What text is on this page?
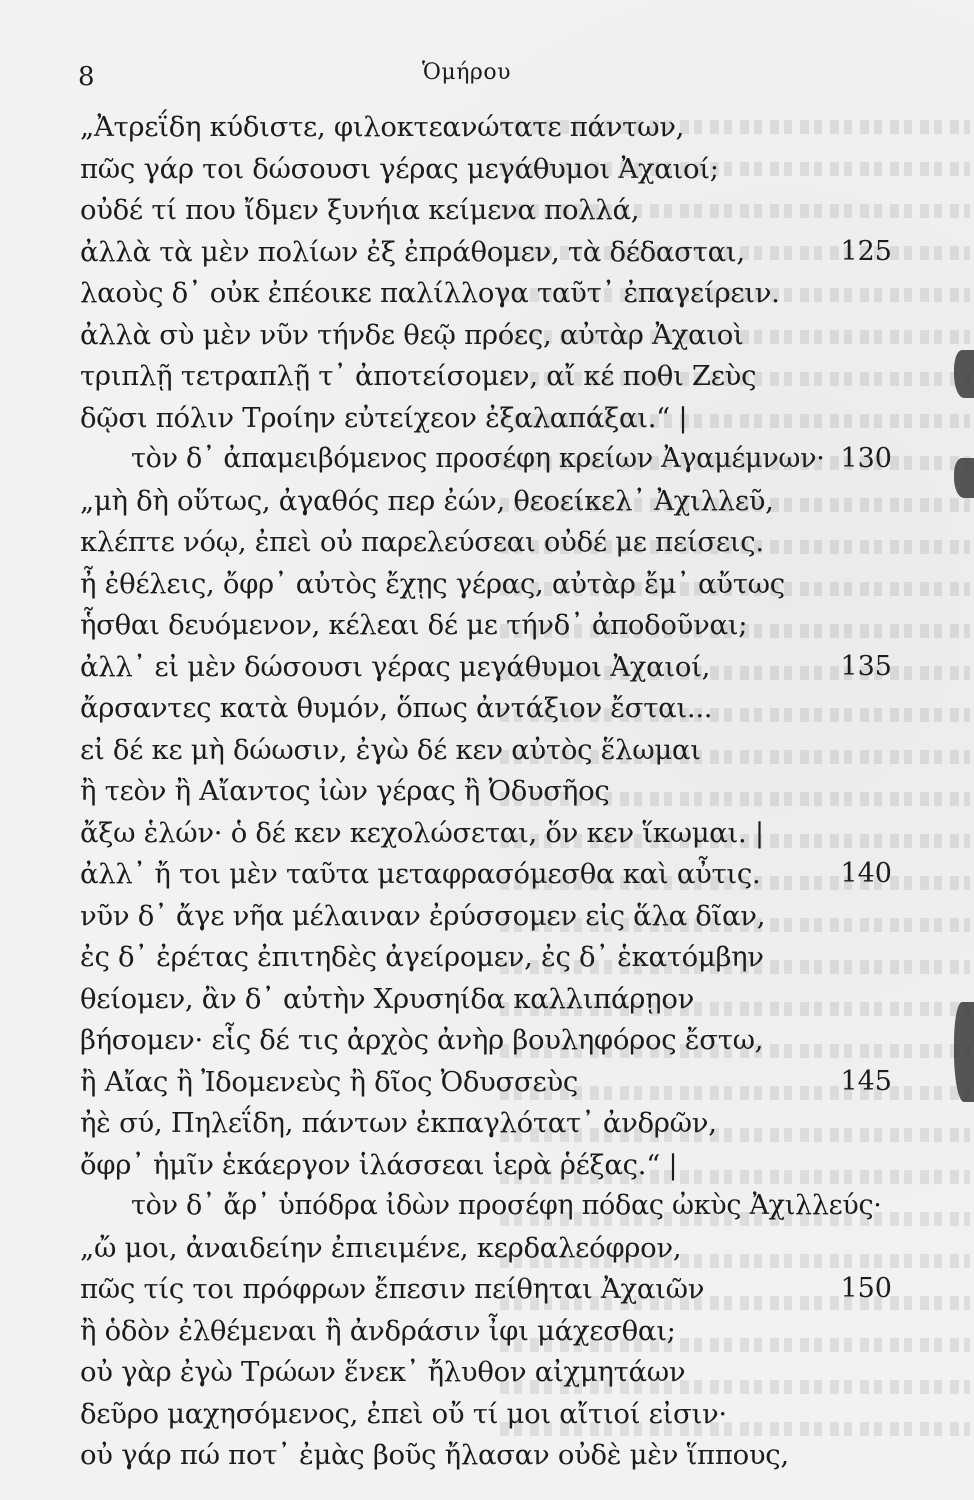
8	Ὁμήρου
„Ἀτρεΐδη κύδιστε, φιλοκτεανώτατε πάντων,
πῶς γάρ τοι δώσουσι γέρας μεγάθυμοι Ἀχαιοί;
οὐδέ τί που ἴδμεν ξυνήια κείμενα πολλά,
ἀλλὰ τὰ μὲν πολίων ἐξ ἐπράθομεν, τὰ δέδασται,	125
λαοὺς δ᾽ οὐκ ἐπέοικε παλίλλογα ταῦτ᾽ ἐπαγείρειν.
ἀλλὰ σὺ μὲν νῦν τήνδε θεῷ πρόες, αὐτὰρ Ἀχαιοὶ
τριπλῇ τετραπλῇ τ᾽ ἀποτείσομεν, αἴ κέ ποθι Ζεὺς
δῷσι πόλιν Τροίην εὐτείχεον ἐξαλαπάξαι.“ |
τὸν δ᾽ ἀπαμειβόμενος προσέφη κρείων Ἀγαμέμνων· 130
„μὴ δὴ οὕτως, ἀγαθός περ ἐών, θεοείκελ᾽ Ἀχιλλεῦ,
κλέπτε νόῳ, ἐπεὶ οὐ παρελεύσεαι οὐδέ με πείσεις.
ἦ ἐθέλεις, ὄφρ᾽ αὐτὸς ἔχῃς γέρας, αὐτὰρ ἔμ᾽ αὔτως
ἧσθαι δευόμενον, κέλεαι δέ με τήνδ᾽ ἀποδοῦναι;
ἀλλ᾽ εἰ μὲν δώσουσι γέρας μεγάθυμοι Ἀχαιοί,	135
ἄρσαντες κατὰ θυμόν, ὅπως ἀντάξιον ἔσται...
εἰ δέ κε μὴ δώωσιν, ἐγὼ δέ κεν αὐτὸς ἕλωμαι
ἢ τεὸν ἢ Αἴαντος ἰὼν γέρας ἢ Ὀδυσῆος
ἄξω ἑλών· ὁ δέ κεν κεχολώσεται, ὅν κεν ἵκωμαι. |
ἀλλ᾽ ἤ τοι μὲν ταῦτα μεταφρασόμεσθα καὶ αὖτις.	140
νῦν δ᾽ ἄγε νῆα μέλαιναν ἐρύσσομεν εἰς ἅλα δῖαν,
ἐς δ᾽ ἐρέτας ἐπιτηδὲς ἀγείρομεν, ἐς δ᾽ ἑκατόμβην
θείομεν, ἂν δ᾽ αὐτὴν Χρυσηίδα καλλιπάρῃον
βήσομεν· εἷς δέ τις ἀρχὸς ἀνὴρ βουληφόρος ἔστω,
ἢ Αἴας ἢ Ἰδομενεὺς ἢ δῖος Ὀδυσσεὺς	145
ἠὲ σύ, Πηλεΐδη, πάντων ἐκπαγλότατ᾽ ἀνδρῶν,
ὄφρ᾽ ἡμῖν ἑκάεργον ἱλάσσεαι ἱερὰ ῥέξας.“ |
τὸν δ᾽ ἄρ᾽ ὑπόδρα ἰδὼν προσέφη πόδας ὠκὺς Ἀχιλλεύς·
„ὤ μοι, ἀναιδείην ἐπιειμένε, κερδαλεόφρον,
πῶς τίς τοι πρόφρων ἔπεσιν πείθηται Ἀχαιῶν	150
ἢ ὁδὸν ἐλθέμεναι ἢ ἀνδράσιν ἶφι μάχεσθαι;
οὐ γὰρ ἐγὼ Τρώων ἕνεκ᾽ ἤλυθον αἰχμητάων
δεῦρο μαχησόμενος, ἐπεὶ οὔ τί μοι αἴτιοί εἰσιν·
οὐ γάρ πώ ποτ᾽ ἐμὰς βοῦς ἤλασαν οὐδὲ μὲν ἵππους,
